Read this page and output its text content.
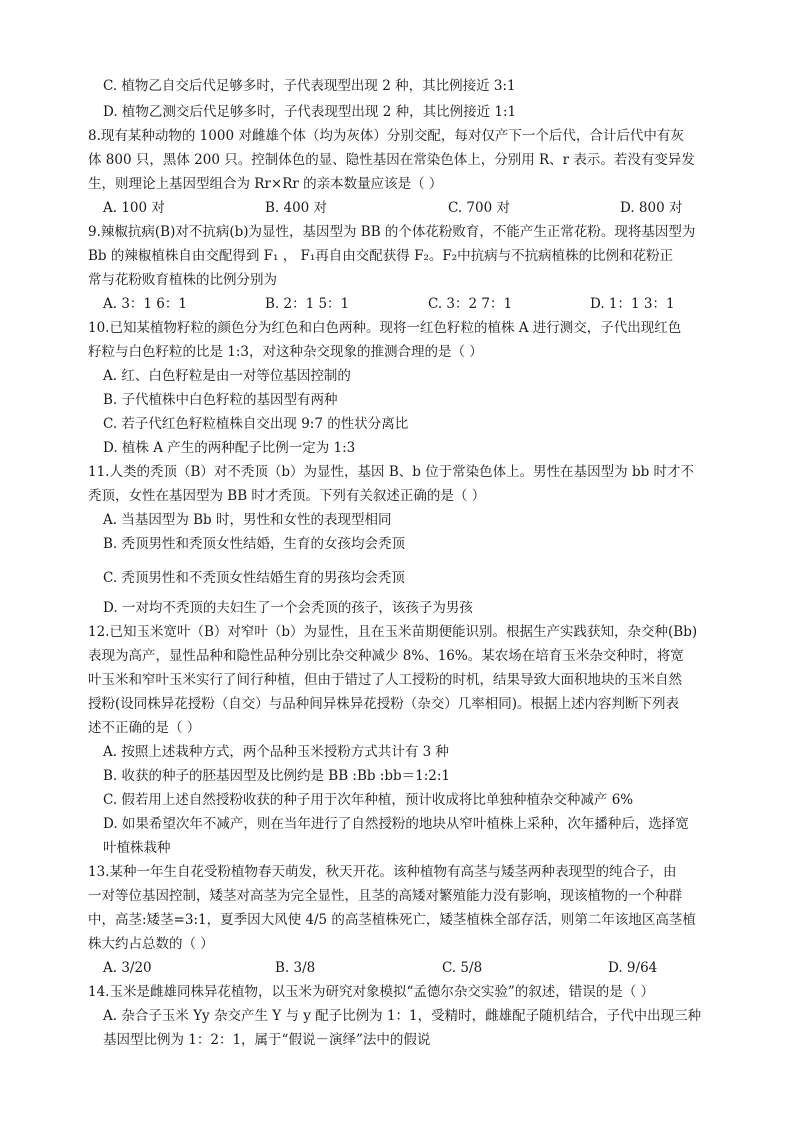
C. 植物乙自交后代足够多时，子代表现型出现 2 种，其比例接近 3:1
D. 植物乙测交后代足够多时，子代表现型出现 2 种，其比例接近 1:1
8.现有某种动物的 1000 对雌雄个体（均为灰体）分别交配，每对仅产下一个后代，合计后代中有灰
体 800 只，黑体 200 只。控制体色的显、隐性基因在常染色体上，分别用 R、r 表示。若没有变异发
生，则理论上基因型组合为 Rr×Rr 的亲本数量应该是（ ）
A. 100 对	B. 400 对	C. 700 对	D. 800 对
9.辣椒抗病(B)对不抗病(b)为显性，基因型为 BB 的个体花粉败育，不能产生正常花粉。现将基因型为
Bb 的辣椒植株自由交配得到 F₁ ， F₁再自由交配获得 F₂。F₂中抗病与不抗病植株的比例和花粉正
常与花粉败育植株的比例分别为
A. 3：1 6：1	B. 2：1 5：1	C. 3：2 7：1	D. 1：1 3：1
10.已知某植物籽粒的颜色分为红色和白色两种。现将一红色籽粒的植株 A 进行测交，子代出现红色
籽粒与白色籽粒的比是 1:3，对这种杂交现象的推测合理的是（ ）
A. 红、白色籽粒是由一对等位基因控制的
B. 子代植株中白色籽粒的基因型有两种
C. 若子代红色籽粒植株自交出现 9:7 的性状分离比
D. 植株 A 产生的两种配子比例一定为 1:3
11.人类的秃顶（B）对不秃顶（b）为显性，基因 B、b 位于常染色体上。男性在基因型为 bb 时才不
秃顶，女性在基因型为 BB 时才秃顶。下列有关叙述正确的是（ ）
A. 当基因型为 Bb 时，男性和女性的表现型相同
B. 秃顶男性和秃顶女性结婚，生育的女孩均会秃顶
C. 秃顶男性和不秃顶女性结婚生育的男孩均会秃顶
D. 一对均不秃顶的夫妇生了一个会秃顶的孩子，该孩子为男孩
12.已知玉米宽叶（B）对窄叶（b）为显性，且在玉米苗期便能识别。根据生产实践获知，杂交种(Bb)
表现为高产，显性品种和隐性品种分别比杂交种减少 8%、16%。某农场在培育玉米杂交种时，将宽
叶玉米和窄叶玉米实行了间行种植，但由于错过了人工授粉的时机，结果导致大面积地块的玉米自然
授粉(设同株异花授粉（自交）与品种间异株异花授粉（杂交）几率相同)。根据上述内容判断下列表
述不正确的是（ ）
A. 按照上述栽种方式，两个品种玉米授粉方式共计有 3 种
B. 收获的种子的胚基因型及比例约是 BB :Bb :bb＝1:2:1
C. 假若用上述自然授粉收获的种子用于次年种植，预计收成将比单独种植杂交种减产 6%
D. 如果希望次年不减产，则在当年进行了自然授粉的地块从窄叶植株上采种，次年播种后，选择宽
叶植株栽种
13.某种一年生自花受粉植物春天萌发，秋天开花。该种植物有高茎与矮茎两种表现型的纯合子，由
一对等位基因控制，矮茎对高茎为完全显性，且茎的高矮对繁殖能力没有影响，现该植物的一个种群
中，高茎:矮茎=3:1，夏季因大风使 4/5 的高茎植株死亡，矮茎植株全部存活，则第二年该地区高茎植
株大约占总数的（ ）
A. 3/20	B. 3/8	C. 5/8	D. 9/64
14.玉米是雌雄同株异花植物，以玉米为研究对象模拟“孟德尔杂交实验”的叙述，错误的是（ ）
A. 杂合子玉米 Yy 杂交产生 Y 与 y 配子比例为 1：1，受精时，雌雄配子随机结合，子代中出现三种
基因型比例为 1：2：1，属于“假说－演绎”法中的假说
